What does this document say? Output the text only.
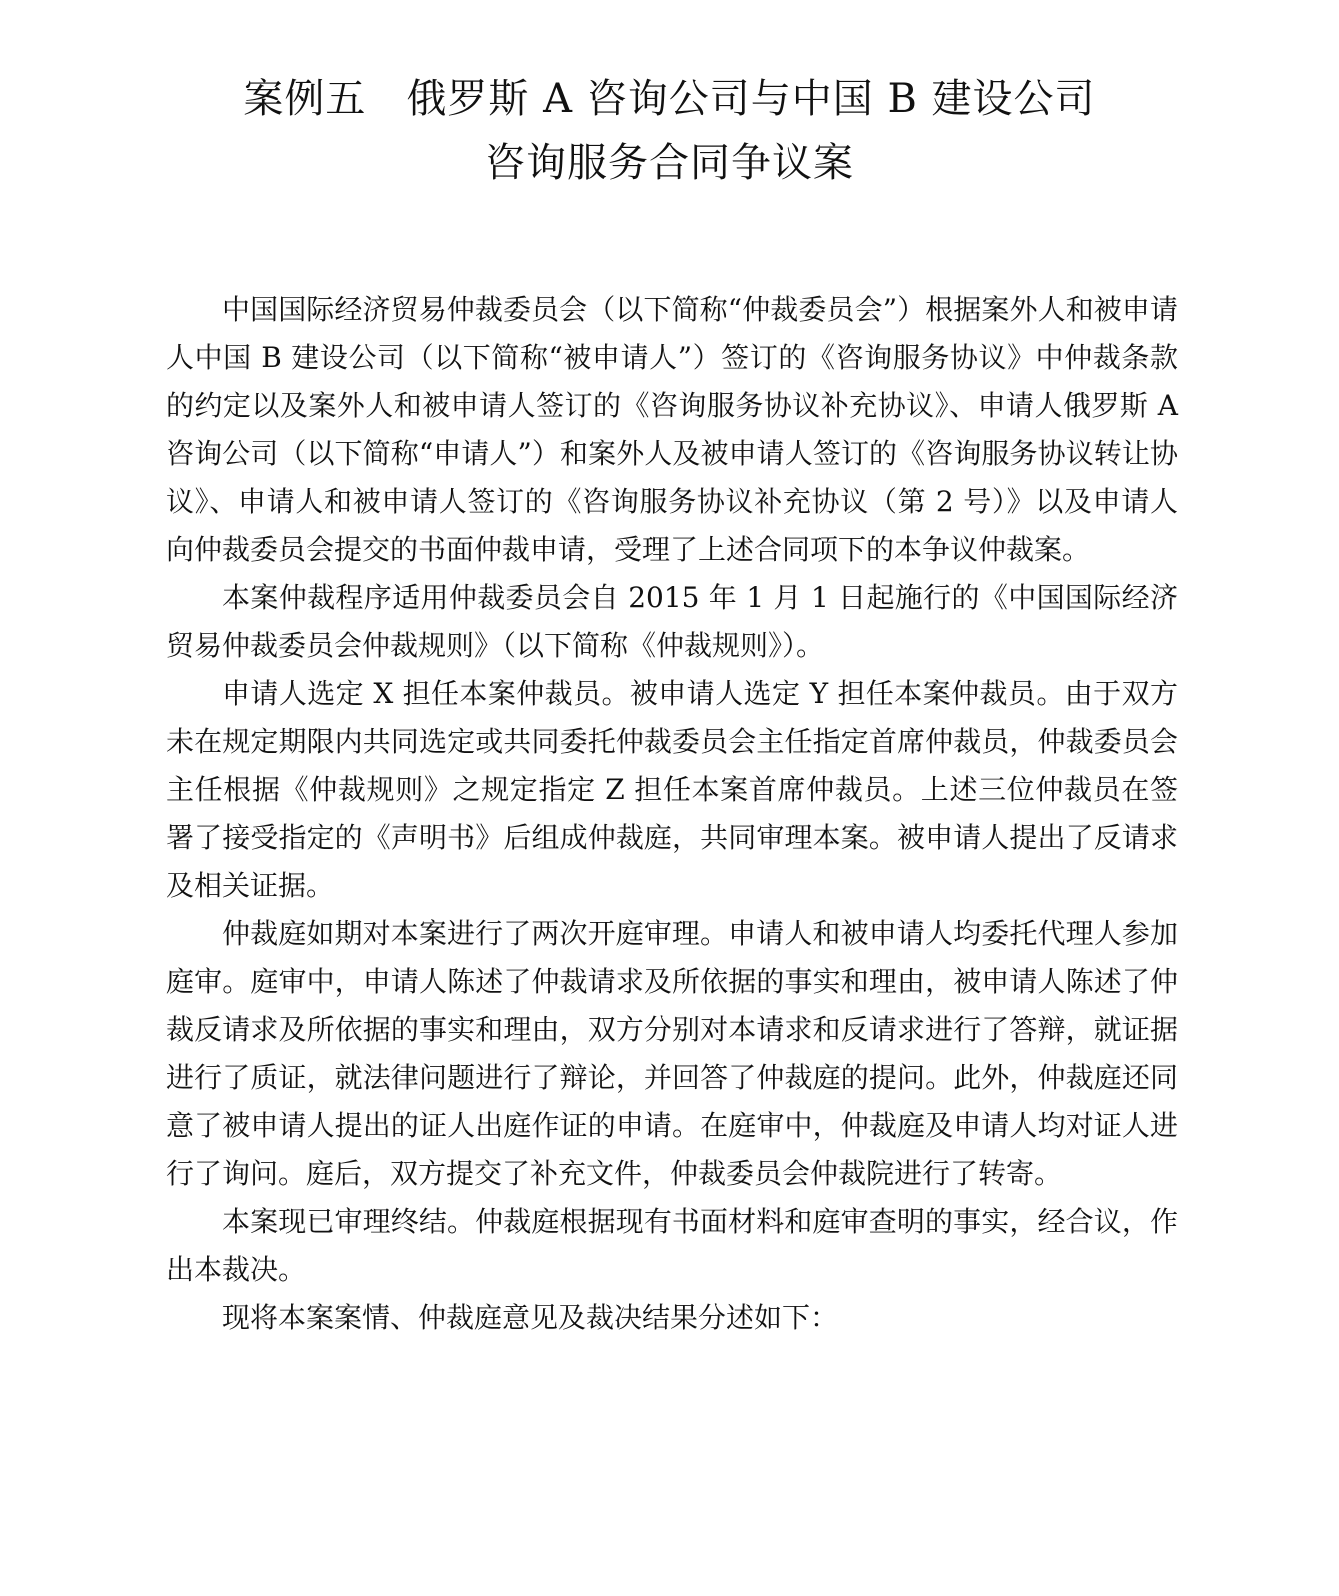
案例五 俄罗斯 A 咨询公司与中国 B 建设公司
咨询服务合同争议案

中国国际经济贸易仲裁委员会（以下简称“仲裁委员会”）根据案外人和被申请人中国 B 建设公司（以下简称“被申请人”）签订的《咨询服务协议》中仲裁条款的约定以及案外人和被申请人签订的《咨询服务协议补充协议》、申请人俄罗斯 A 咨询公司（以下简称“申请人”）和案外人及被申请人签订的《咨询服务协议转让协议》、申请人和被申请人签订的《咨询服务协议补充协议（第 2 号）》以及申请人向仲裁委员会提交的书面仲裁申请，受理了上述合同项下的本争议仲裁案。

本案仲裁程序适用仲裁委员会自 2015 年 1 月 1 日起施行的《中国国际经济贸易仲裁委员会仲裁规则》（以下简称《仲裁规则》）。

申请人选定 X 担任本案仲裁员。被申请人选定 Y 担任本案仲裁员。由于双方未在规定期限内共同选定或共同委托仲裁委员会主任指定首席仲裁员，仲裁委员会主任根据《仲裁规则》之规定指定 Z 担任本案首席仲裁员。上述三位仲裁员在签署了接受指定的《声明书》后组成仲裁庭，共同审理本案。被申请人提出了反请求及相关证据。

仲裁庭如期对本案进行了两次开庭审理。申请人和被申请人均委托代理人参加庭审。庭审中，申请人陈述了仲裁请求及所依据的事实和理由，被申请人陈述了仲裁反请求及所依据的事实和理由，双方分别对本请求和反请求进行了答辩，就证据进行了质证，就法律问题进行了辩论，并回答了仲裁庭的提问。此外，仲裁庭还同意了被申请人提出的证人出庭作证的申请。在庭审中，仲裁庭及申请人均对证人进行了询问。庭后，双方提交了补充文件，仲裁委员会仲裁院进行了转寄。

本案现已审理终结。仲裁庭根据现有书面材料和庭审查明的事实，经合议，作出本裁决。

现将本案案情、仲裁庭意见及裁决结果分述如下：
